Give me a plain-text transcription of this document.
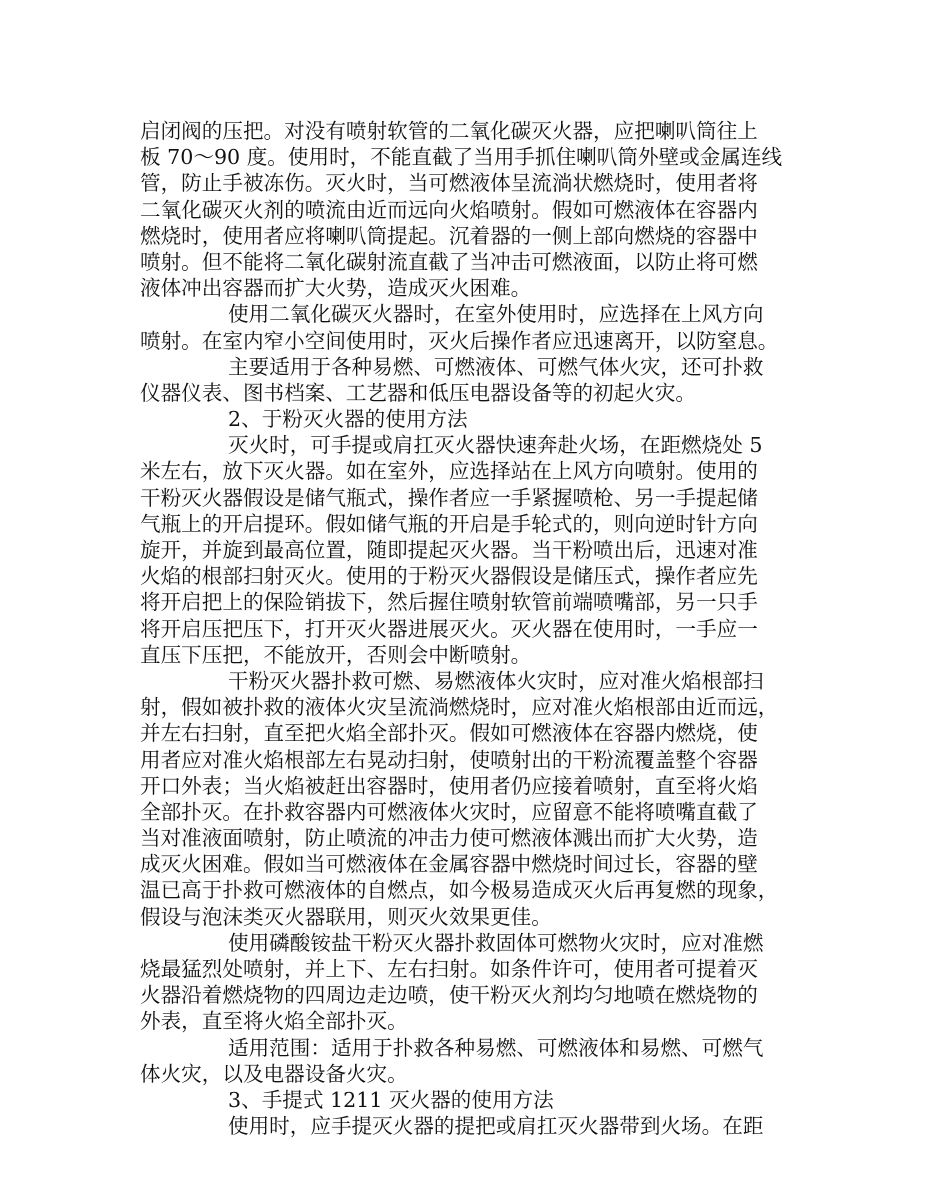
启闭阀的压把。对没有喷射软管的二氧化碳灭火器，应把喇叭筒往上
板 70～90 度。使用时，不能直截了当用手抓住喇叭筒外壁或金属连线
管，防止手被冻伤。灭火时，当可燃液体呈流淌状燃烧时，使用者将
二氧化碳灭火剂的喷流由近而远向火焰喷射。假如可燃液体在容器内
燃烧时，使用者应将喇叭筒提起。沉着器的一侧上部向燃烧的容器中
喷射。但不能将二氧化碳射流直截了当冲击可燃液面，以防止将可燃
液体冲出容器而扩大火势，造成灭火困难。
使用二氧化碳灭火器时，在室外使用时，应选择在上风方向
喷射。在室内窄小空间使用时，灭火后操作者应迅速离开，以防窒息。
主要适用于各种易燃、可燃液体、可燃气体火灾，还可扑救
仪器仪表、图书档案、工艺器和低压电器设备等的初起火灾。
2、于粉灭火器的使用方法
灭火时，可手提或肩扛灭火器快速奔赴火场，在距燃烧处 5
米左右，放下灭火器。如在室外，应选择站在上风方向喷射。使用的
干粉灭火器假设是储气瓶式，操作者应一手紧握喷枪、另一手提起储
气瓶上的开启提环。假如储气瓶的开启是手轮式的，则向逆时针方向
旋开，并旋到最高位置，随即提起灭火器。当干粉喷出后，迅速对准
火焰的根部扫射灭火。使用的于粉灭火器假设是储压式，操作者应先
将开启把上的保险销拔下，然后握住喷射软管前端喷嘴部，另一只手
将开启压把压下，打开灭火器进展灭火。灭火器在使用时，一手应一
直压下压把，不能放开，否则会中断喷射。
干粉灭火器扑救可燃、易燃液体火灾时，应对准火焰根部扫
射，假如被扑救的液体火灾呈流淌燃烧时，应对准火焰根部由近而远，
并左右扫射，直至把火焰全部扑灭。假如可燃液体在容器内燃烧，使
用者应对准火焰根部左右晃动扫射，使喷射出的干粉流覆盖整个容器
开口外表；当火焰被赶出容器时，使用者仍应接着喷射，直至将火焰
全部扑灭。在扑救容器内可燃液体火灾时，应留意不能将喷嘴直截了
当对准液面喷射，防止喷流的冲击力使可燃液体溅出而扩大火势，造
成灭火困难。假如当可燃液体在金属容器中燃烧时间过长，容器的壁
温已高于扑救可燃液体的自燃点，如今极易造成灭火后再复燃的现象，
假设与泡沫类灭火器联用，则灭火效果更佳。
使用磷酸铵盐干粉灭火器扑救固体可燃物火灾时，应对准燃
烧最猛烈处喷射，并上下、左右扫射。如条件许可，使用者可提着灭
火器沿着燃烧物的四周边走边喷，使干粉灭火剂均匀地喷在燃烧物的
外表，直至将火焰全部扑灭。
适用范围：适用于扑救各种易燃、可燃液体和易燃、可燃气
体火灾，以及电器设备火灾。
3、手提式 1211 灭火器的使用方法
使用时，应手提灭火器的提把或肩扛灭火器带到火场。在距
